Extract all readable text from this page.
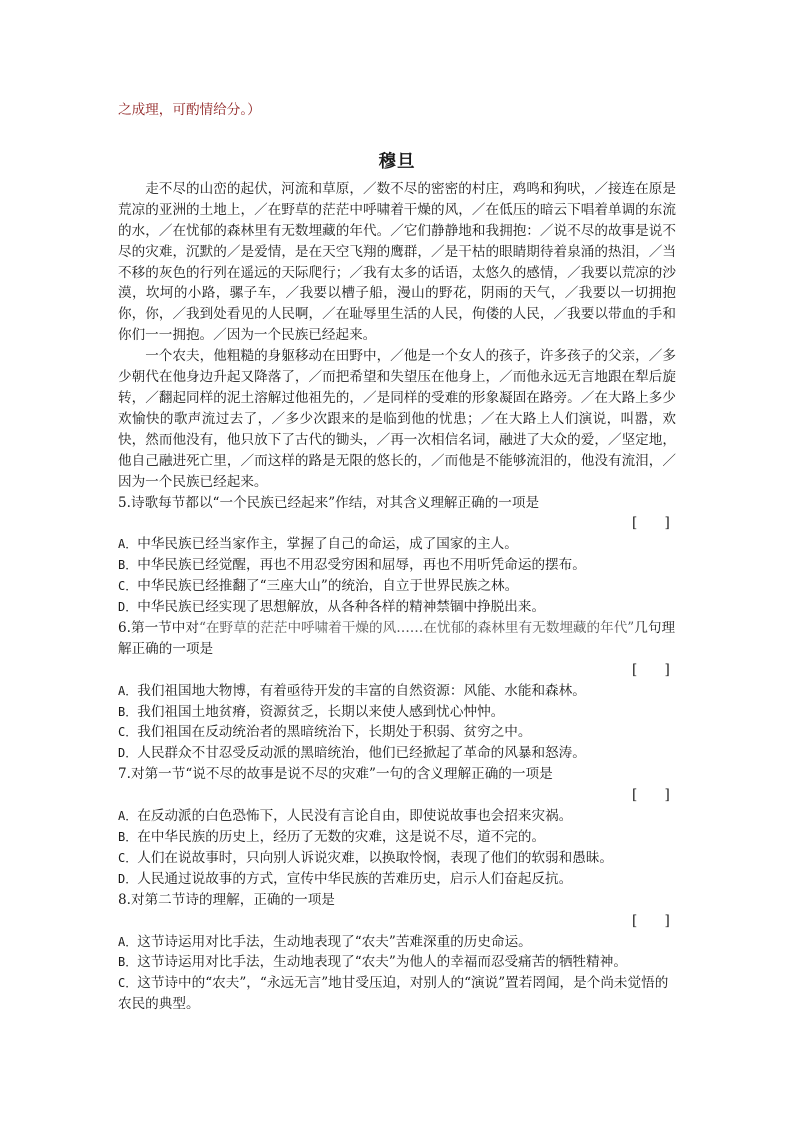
之成理，可酌情给分。）

穆旦

走不尽的山峦的起伏，河流和草原，／数不尽的密密的村庄，鸡鸣和狗吠，／接连在原是荒凉的亚洲的土地上，／在野草的茫茫中呼啸着干燥的风，／在低压的暗云下唱着单调的东流的水，／在忧郁的森林里有无数埋藏的年代。／它们静静地和我拥抱：／说不尽的故事是说不尽的灾难，沉默的／是爱情，是在天空飞翔的鹰群，／是干枯的眼睛期待着泉涌的热泪，／当不移的灰色的行列在遥远的天际爬行；／我有太多的话语，太悠久的感情，／我要以荒凉的沙漠，坎坷的小路，骡子车，／我要以槽子船，漫山的野花，阴雨的天气，／我要以一切拥抱你，你，／我到处看见的人民啊，／在耻辱里生活的人民，佝偻的人民，／我要以带血的手和你们一一拥抱。／因为一个民族已经起来。

一个农夫，他粗糙的身躯移动在田野中，／他是一个女人的孩子，许多孩子的父亲，／多少朝代在他身边升起又降落了，／而把希望和失望压在他身上，／而他永远无言地跟在犁后旋转，／翻起同样的泥土溶解过他祖先的，／是同样的受难的形象凝固在路旁。／在大路上多少欢愉快的歌声流过去了，／多少次跟来的是临到他的忧患；／在大路上人们演说，叫嚣，欢快，然而他没有，他只放下了古代的锄头，／再一次相信名词，融进了大众的爱，／坚定地，他自己融进死亡里，／而这样的路是无限的悠长的，／而他是不能够流泪的，他没有流泪，／因为一个民族已经起来。

5.诗歌每节都以“一个民族已经起来”作结，对其含义理解正确的一项是

[　　]

A．中华民族已经当家作主，掌握了自己的命运，成了国家的主人。

B．中华民族已经觉醒，再也不用忍受穷困和屈辱，再也不用听凭命运的摆布。

C．中华民族已经推翻了“三座大山”的统治，自立于世界民族之林。

D．中华民族已经实现了思想解放，从各种各样的精神禁锢中挣脱出来。

6.第一节中对“在野草的茫茫中呼啸着干燥的风……在忧郁的森林里有无数埋藏的年代”几句理解正确的一项是

[　　]

A．我们祖国地大物博，有着亟待开发的丰富的自然资源：风能、水能和森林。

B．我们祖国土地贫瘠，资源贫乏，长期以来使人感到忧心忡忡。

C．我们祖国在反动统治者的黑暗统治下，长期处于积弱、贫穷之中。

D．人民群众不甘忍受反动派的黑暗统治，他们已经掀起了革命的风暴和怒涛。

7.对第一节“说不尽的故事是说不尽的灾难”一句的含义理解正确的一项是

[　　]

A．在反动派的白色恐怖下，人民没有言论自由，即使说故事也会招来灾祸。

B．在中华民族的历史上，经历了无数的灾难，这是说不尽，道不完的。

C．人们在说故事时，只向别人诉说灾难，以换取怜悯，表现了他们的软弱和愚昧。

D．人民通过说故事的方式，宣传中华民族的苦难历史，启示人们奋起反抗。

8.对第二节诗的理解，正确的一项是

[　　]

A．这节诗运用对比手法，生动地表现了“农夫”苦难深重的历史命运。

B．这节诗运用对比手法，生动地表现了“农夫”为他人的幸福而忍受痛苦的牺牲精神。

C．这节诗中的“农夫”，“永远无言”地甘受压迫，对别人的“演说”置若罔闻，是个尚未觉悟的农民的典型。
